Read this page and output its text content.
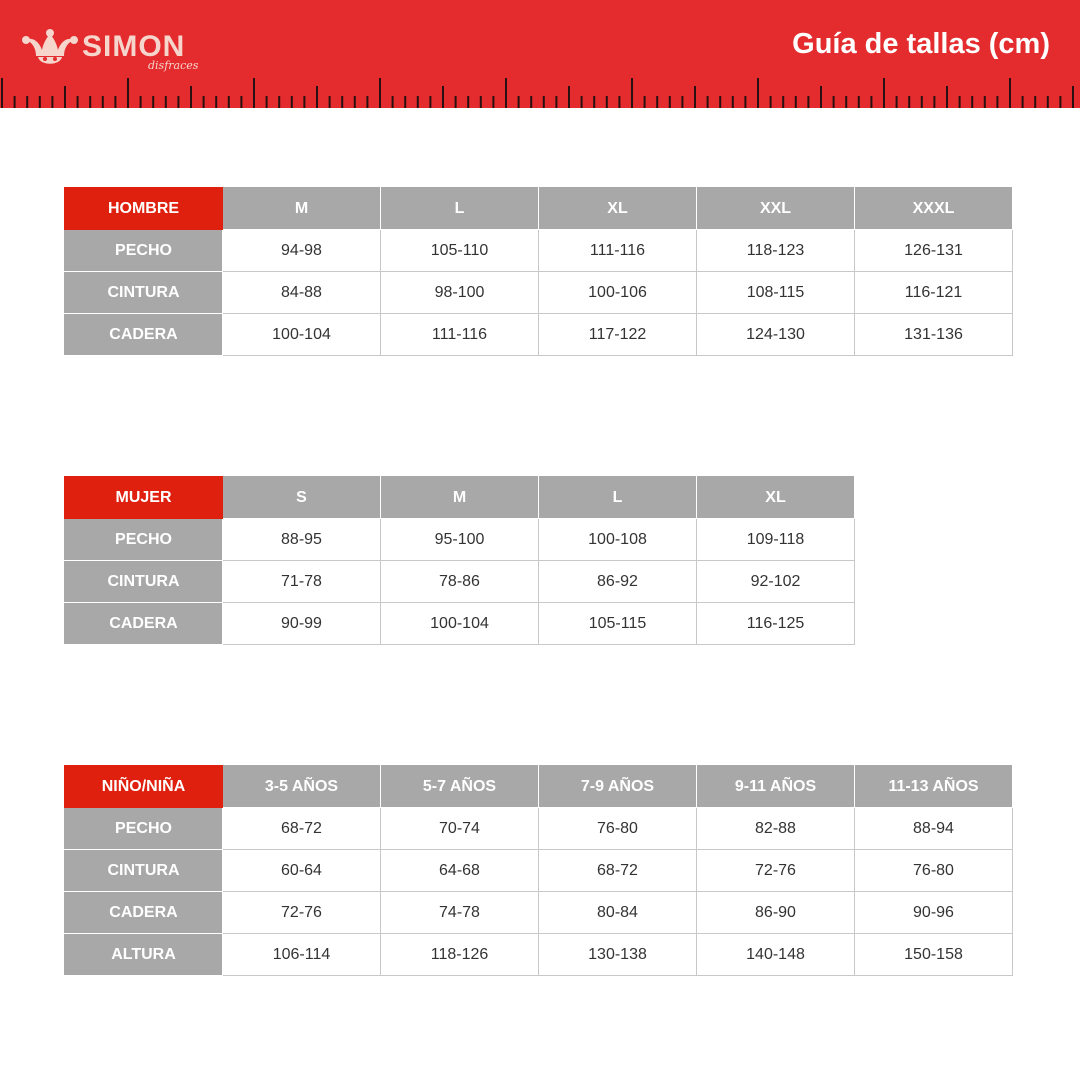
SIMON
disfraces
Guía de tallas (cm)
HOMBRE	M	L	XL	XXL	XXXL
PECHO	94-98	105-110	111-116	118-123	126-131
CINTURA	84-88	98-100	100-106	108-115	116-121
CADERA	100-104	111-116	117-122	124-130	131-136
MUJER	S	M	L	XL
PECHO	88-95	95-100	100-108	109-118
CINTURA	71-78	78-86	86-92	92-102
CADERA	90-99	100-104	105-115	116-125
NIÑO/NIÑA	3-5 AÑOS	5-7 AÑOS	7-9 AÑOS	9-11 AÑOS	11-13 AÑOS
PECHO	68-72	70-74	76-80	82-88	88-94
CINTURA	60-64	64-68	68-72	72-76	76-80
CADERA	72-76	74-78	80-84	86-90	90-96
ALTURA	106-114	118-126	130-138	140-148	150-158
